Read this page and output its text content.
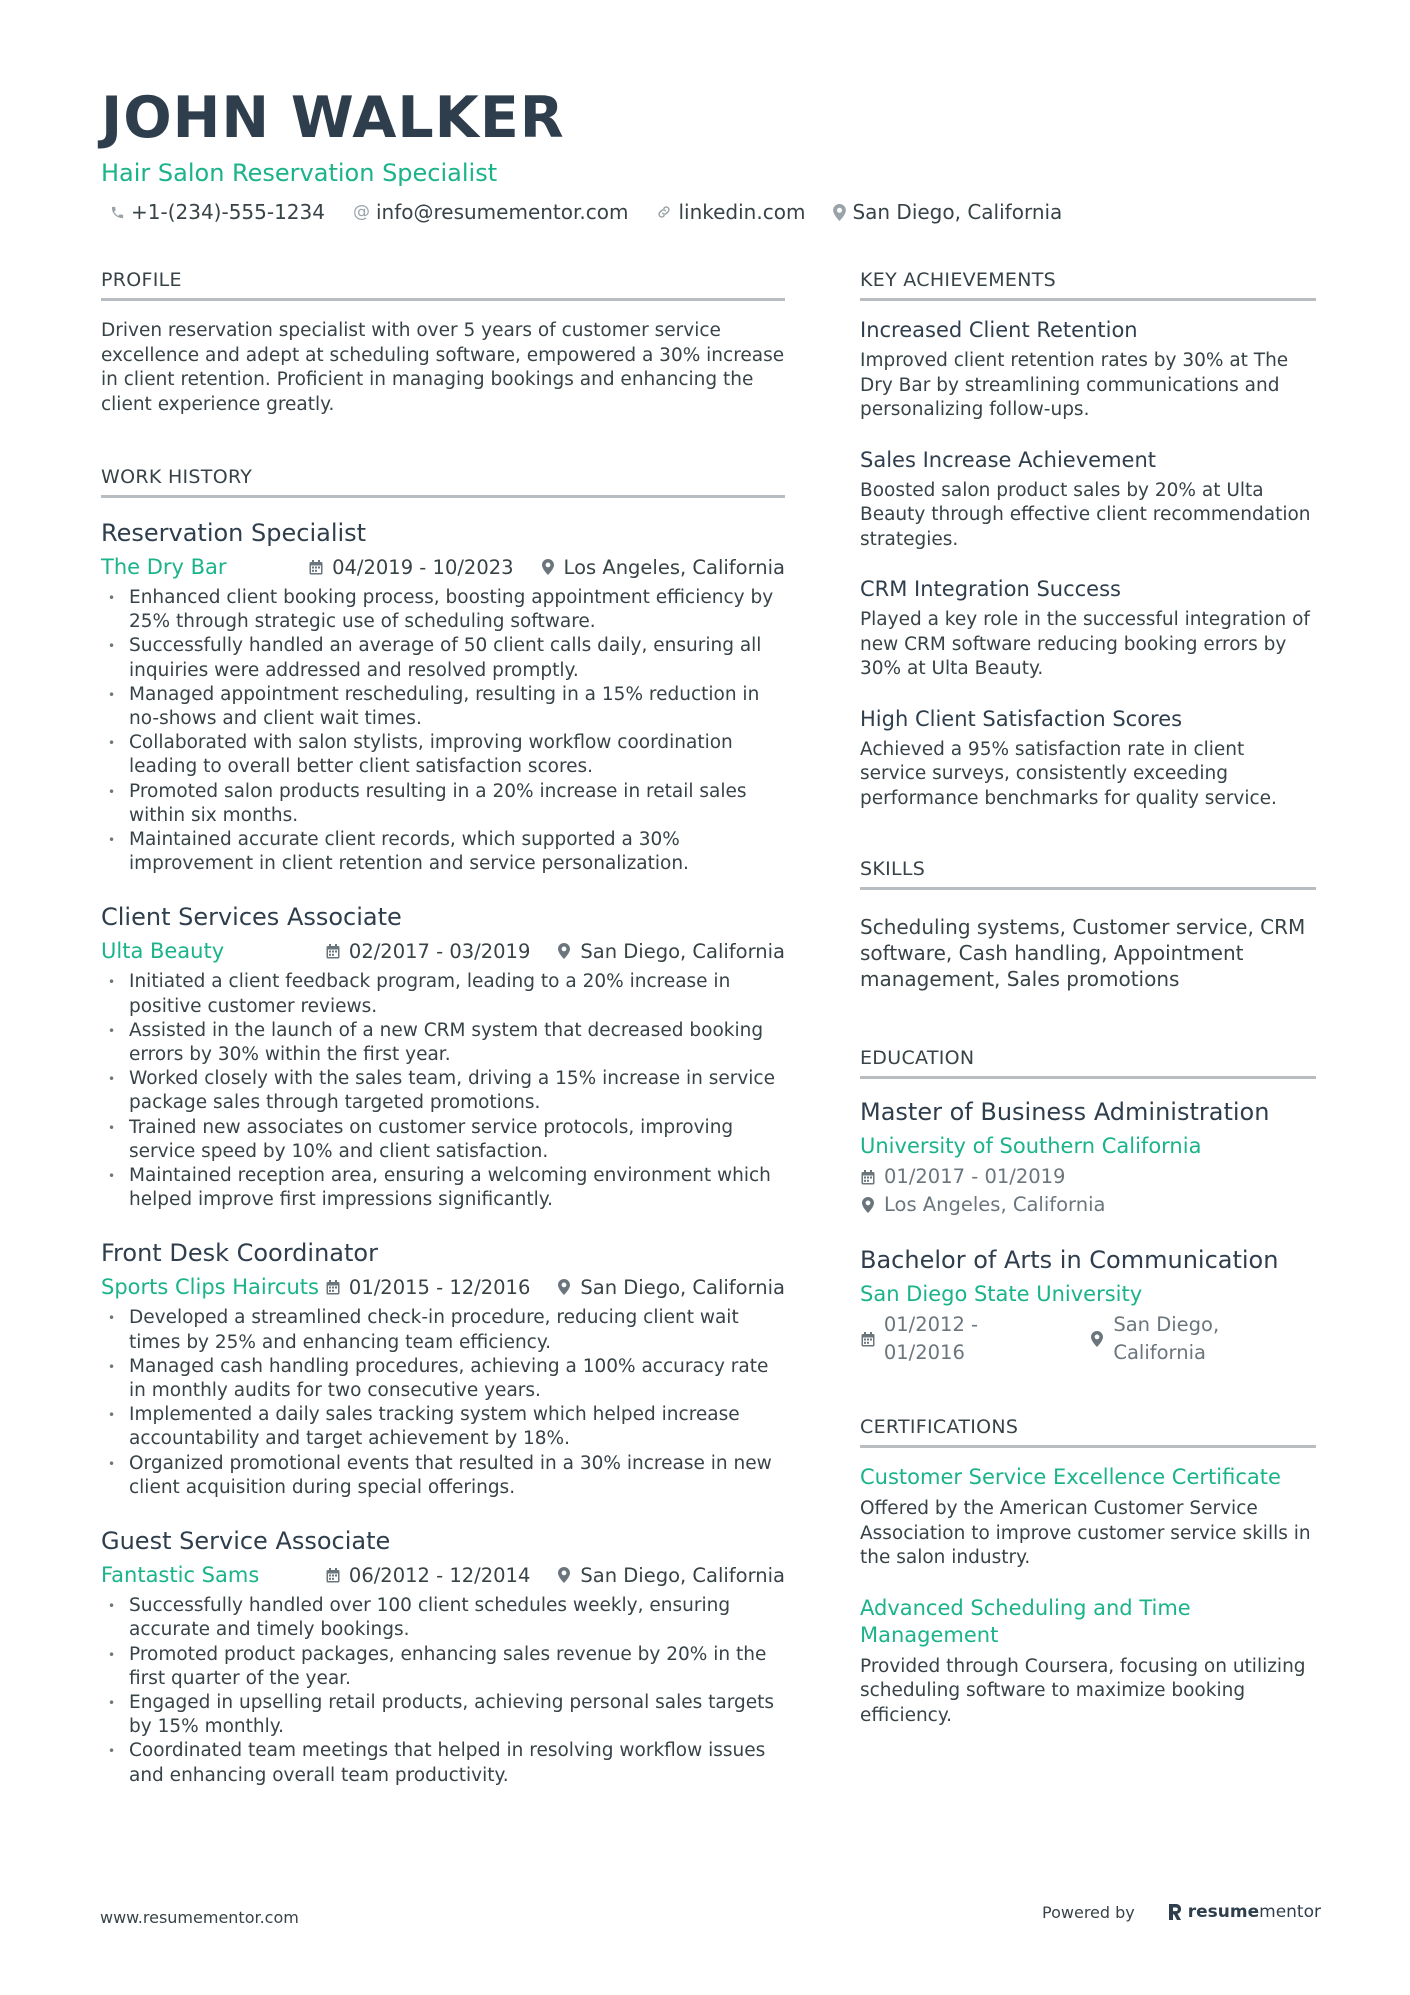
JOHN WALKER
Hair Salon Reservation Specialist
+1-(234)-555-1234 @ info@resumementor.com	linkedin.com San Diego, California
PROFILE
Driven reservation specialist with over 5 years of customer service excellence and adept at scheduling software, empowered a 30% increase in client retention. Proficient in managing bookings and enhancing the client experience greatly.
WORK HISTORY
Reservation Specialist
The Dry Bar	04/2019 - 10/2023	Los Angeles, California
• Enhanced client booking process, boosting appointment efficiency by 25% through strategic use of scheduling software.
• Successfully handled an average of 50 client calls daily, ensuring all inquiries were addressed and resolved promptly.
• Managed appointment rescheduling, resulting in a 15% reduction in no-shows and client wait times.
• Collaborated with salon stylists, improving workflow coordination leading to overall better client satisfaction scores.
• Promoted salon products resulting in a 20% increase in retail sales within six months.
• Maintained accurate client records, which supported a 30% improvement in client retention and service personalization.
Client Services Associate
Ulta Beauty	02/2017 - 03/2019	San Diego, California
• Initiated a client feedback program, leading to a 20% increase in positive customer reviews.
• Assisted in the launch of a new CRM system that decreased booking errors by 30% within the first year.
• Worked closely with the sales team, driving a 15% increase in service package sales through targeted promotions.
• Trained new associates on customer service protocols, improving service speed by 10% and client satisfaction.
• Maintained reception area, ensuring a welcoming environment which helped improve first impressions significantly.
Front Desk Coordinator
Sports Clips Haircuts 01/2015 - 12/2016	San Diego, California
• Developed a streamlined check-in procedure, reducing client wait times by 25% and enhancing team efficiency.
• Managed cash handling procedures, achieving a 100% accuracy rate in monthly audits for two consecutive years.
• Implemented a daily sales tracking system which helped increase accountability and target achievement by 18%.
• Organized promotional events that resulted in a 30% increase in new client acquisition during special offerings.
Guest Service Associate
Fantastic Sams	06/2012 - 12/2014	San Diego, California
• Successfully handled over 100 client schedules weekly, ensuring accurate and timely bookings.
• Promoted product packages, enhancing sales revenue by 20% in the first quarter of the year.
• Engaged in upselling retail products, achieving personal sales targets by 15% monthly.
• Coordinated team meetings that helped in resolving workflow issues and enhancing overall team productivity.
KEY ACHIEVEMENTS
Increased Client Retention
Improved client retention rates by 30% at The Dry Bar by streamlining communications and personalizing follow-ups.
Sales Increase Achievement
Boosted salon product sales by 20% at Ulta Beauty through effective client recommendation strategies.
CRM Integration Success
Played a key role in the successful integration of new CRM software reducing booking errors by 30% at Ulta Beauty.
High Client Satisfaction Scores
Achieved a 95% satisfaction rate in client service surveys, consistently exceeding performance benchmarks for quality service.
SKILLS
Scheduling systems, Customer service, CRM software, Cash handling, Appointment management, Sales promotions
EDUCATION
Master of Business Administration
University of Southern California
01/2017 - 01/2019
Los Angeles, California
Bachelor of Arts in Communication
San Diego State University
01/2012 - 01/2016
San Diego, California
CERTIFICATIONS
Customer Service Excellence Certificate
Offered by the American Customer Service Association to improve customer service skills in the salon industry.
Advanced Scheduling and Time Management
Provided through Coursera, focusing on utilizing scheduling software to maximize booking efficiency.
www.resumementor.com	Powered by	resume mentor
